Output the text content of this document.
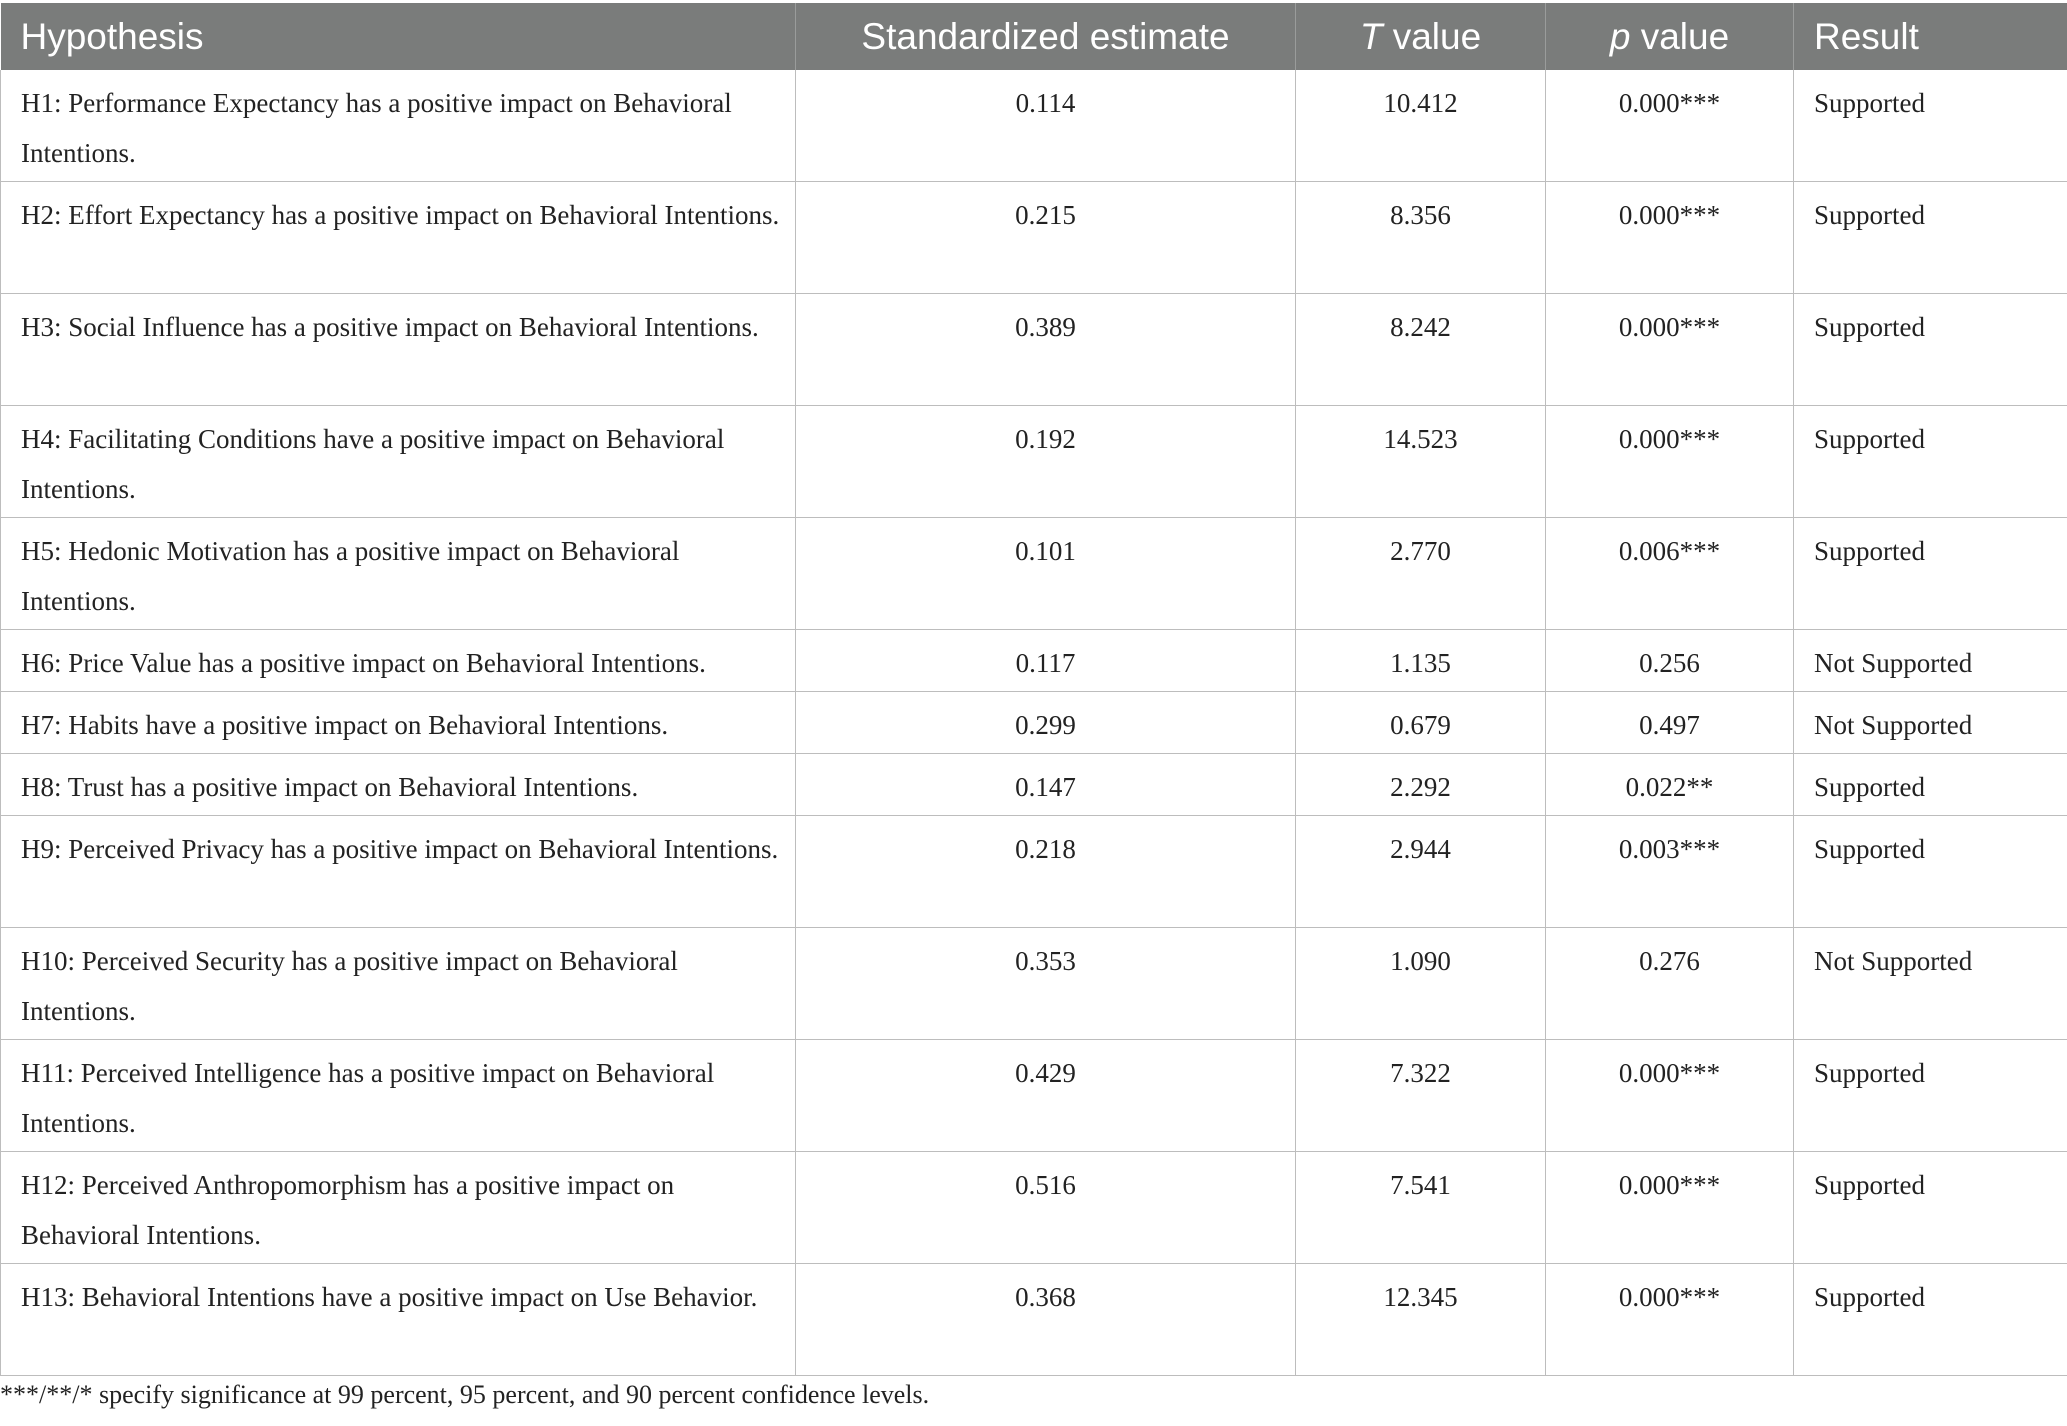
Hypothesis	Standardized estimate	T value	p value	Result
H1: Performance Expectancy has a positive impact on Behavioral Intentions.	0.114	10.412	0.000***	Supported
H2: Effort Expectancy has a positive impact on Behavioral Intentions.	0.215	8.356	0.000***	Supported
H3: Social Influence has a positive impact on Behavioral Intentions.	0.389	8.242	0.000***	Supported
H4: Facilitating Conditions have a positive impact on Behavioral Intentions.	0.192	14.523	0.000***	Supported
H5: Hedonic Motivation has a positive impact on Behavioral Intentions.	0.101	2.770	0.006***	Supported
H6: Price Value has a positive impact on Behavioral Intentions.	0.117	1.135	0.256	Not Supported
H7: Habits have a positive impact on Behavioral Intentions.	0.299	0.679	0.497	Not Supported
H8: Trust has a positive impact on Behavioral Intentions.	0.147	2.292	0.022**	Supported
H9: Perceived Privacy has a positive impact on Behavioral Intentions.	0.218	2.944	0.003***	Supported
H10: Perceived Security has a positive impact on Behavioral Intentions.	0.353	1.090	0.276	Not Supported
H11: Perceived Intelligence has a positive impact on Behavioral Intentions.	0.429	7.322	0.000***	Supported
H12: Perceived Anthropomorphism has a positive impact on Behavioral Intentions.	0.516	7.541	0.000***	Supported
H13: Behavioral Intentions have a positive impact on Use Behavior.	0.368	12.345	0.000***	Supported
***/**/* specify significance at 99 percent, 95 percent, and 90 percent confidence levels.
